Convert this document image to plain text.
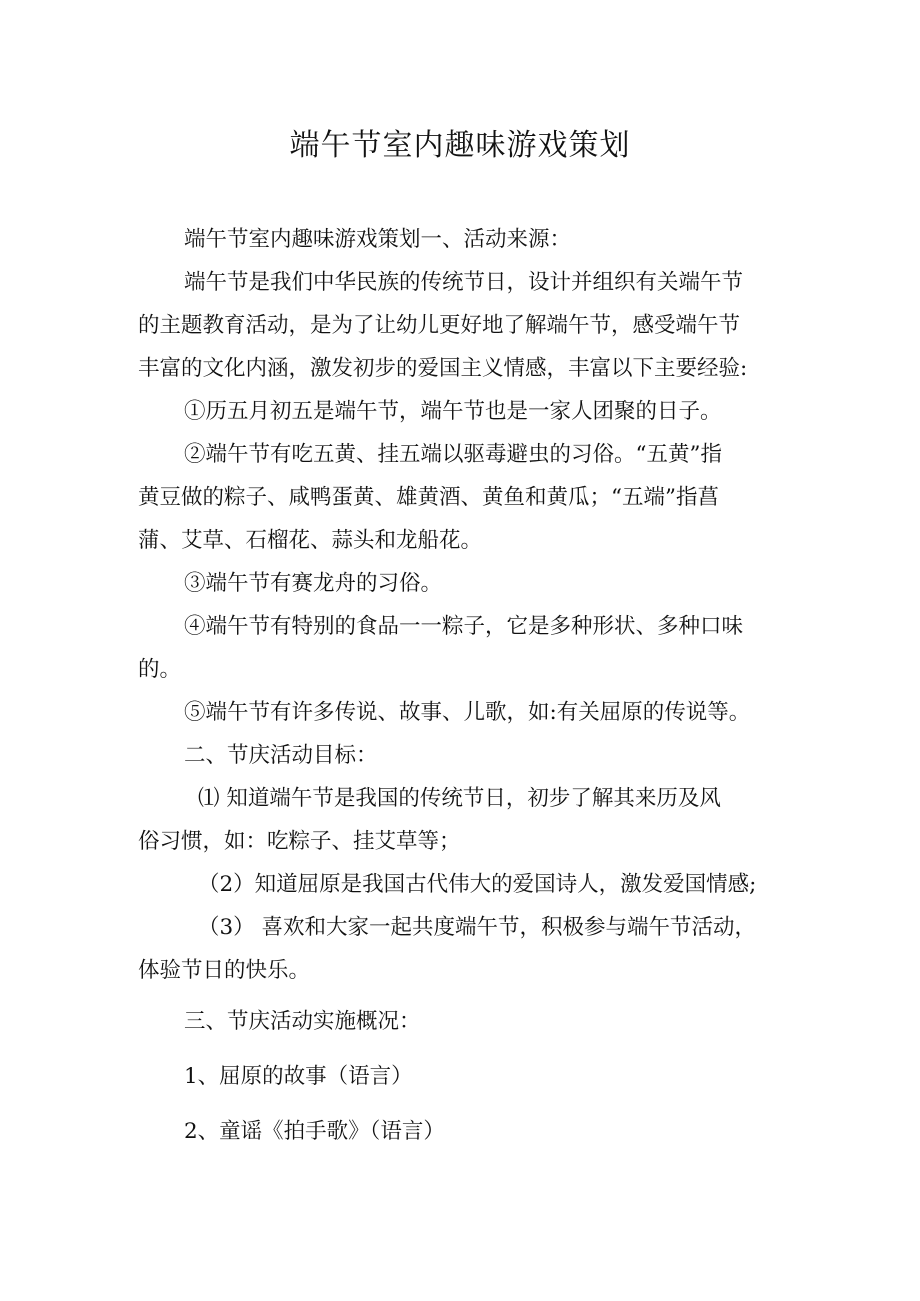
端午节室内趣味游戏策划

端午节室内趣味游戏策划一、活动来源：

端午节是我们中华民族的传统节日，设计并组织有关端午节

的主题教育活动，是为了让幼儿更好地了解端午节，感受端午节

丰富的文化内涵，激发初步的爱国主义情感，丰富以下主要经验:

①历五月初五是端午节，端午节也是一家人团聚的日子。

②端午节有吃五黄、挂五端以驱毒避虫的习俗。“五黄”指

黄豆做的粽子、咸鸭蛋黄、雄黄酒、黄鱼和黄瓜；“五端”指菖

蒲、艾草、石榴花、蒜头和龙船花。

③端午节有赛龙舟的习俗。

④端午节有特别的食品一一粽子，它是多种形状、多种口味

的。

⑤端午节有许多传说、故事、儿歌，如:有关屈原的传说等。

二、节庆活动目标：

⑴ 知道端午节是我国的传统节日，初步了解其来历及风

俗习惯，如：吃粽子、挂艾草等；

（2）知道屈原是我国古代伟大的爱国诗人，激发爱国情感;

（3） 喜欢和大家一起共度端午节，积极参与端午节活动，

体验节日的快乐。

三、节庆活动实施概况：

1、屈原的故事（语言）

2、童谣《拍手歌》（语言）
